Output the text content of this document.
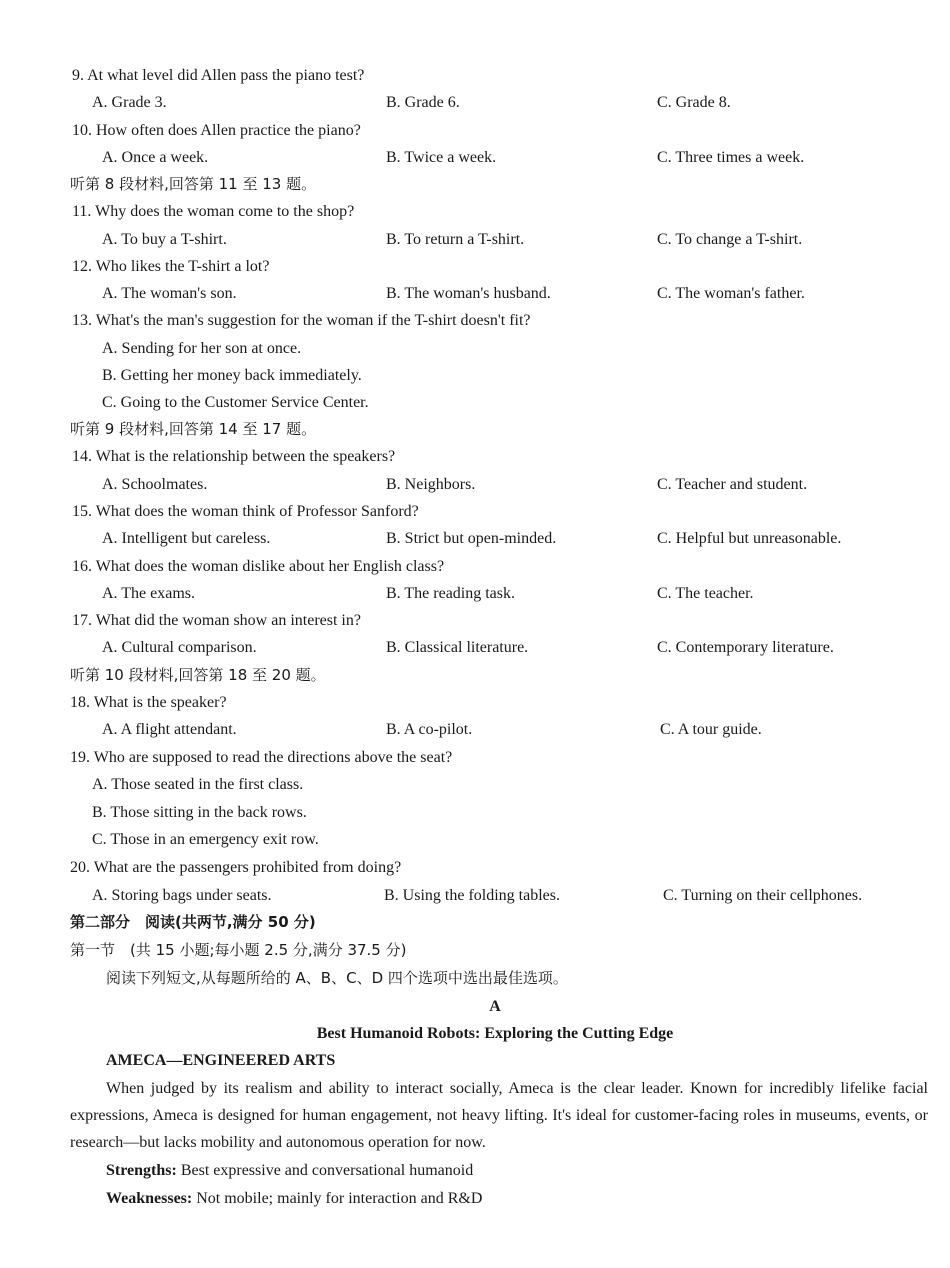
9. At what level did Allen pass the piano test?
A. Grade 3.	B. Grade 6.	C. Grade 8.
10. How often does Allen practice the piano?
A. Once a week.	B. Twice a week.	C. Three times a week.
听第 8 段材料,回答第 11 至 13 题。
11. Why does the woman come to the shop?
A. To buy a T-shirt.	B. To return a T-shirt.	C. To change a T-shirt.
12. Who likes the T-shirt a lot?
A. The woman's son.	B. The woman's husband.	C. The woman's father.
13. What's the man's suggestion for the woman if the T-shirt doesn't fit?
A. Sending for her son at once.
B. Getting her money back immediately.
C. Going to the Customer Service Center.
听第 9 段材料,回答第 14 至 17 题。
14. What is the relationship between the speakers?
A. Schoolmates.	B. Neighbors.	C. Teacher and student.
15. What does the woman think of Professor Sanford?
A. Intelligent but careless.	B. Strict but open-minded.	C. Helpful but unreasonable.
16. What does the woman dislike about her English class?
A. The exams.	B. The reading task.	C. The teacher.
17. What did the woman show an interest in?
A. Cultural comparison.	B. Classical literature.	C. Contemporary literature.
听第 10 段材料,回答第 18 至 20 题。
18. What is the speaker?
A. A flight attendant.	B. A co-pilot.	C. A tour guide.
19. Who are supposed to read the directions above the seat?
A. Those seated in the first class.
B. Those sitting in the back rows.
C. Those in an emergency exit row.
20. What are the passengers prohibited from doing?
A. Storing bags under seats.	B. Using the folding tables.	C. Turning on their cellphones.
第二部分　阅读(共两节,满分 50 分)
第一节　(共 15 小题;每小题 2.5 分,满分 37.5 分)
阅读下列短文,从每题所给的 A、B、C、D 四个选项中选出最佳选项。
A
Best Humanoid Robots: Exploring the Cutting Edge
AMECA—ENGINEERED ARTS
When judged by its realism and ability to interact socially, Ameca is the clear leader. Known for incredibly lifelike facial expressions, Ameca is designed for human engagement, not heavy lifting. It's ideal for customer-facing roles in museums, events, or research—but lacks mobility and autonomous operation for now.
Strengths: Best expressive and conversational humanoid
Weaknesses: Not mobile; mainly for interaction and R&D
